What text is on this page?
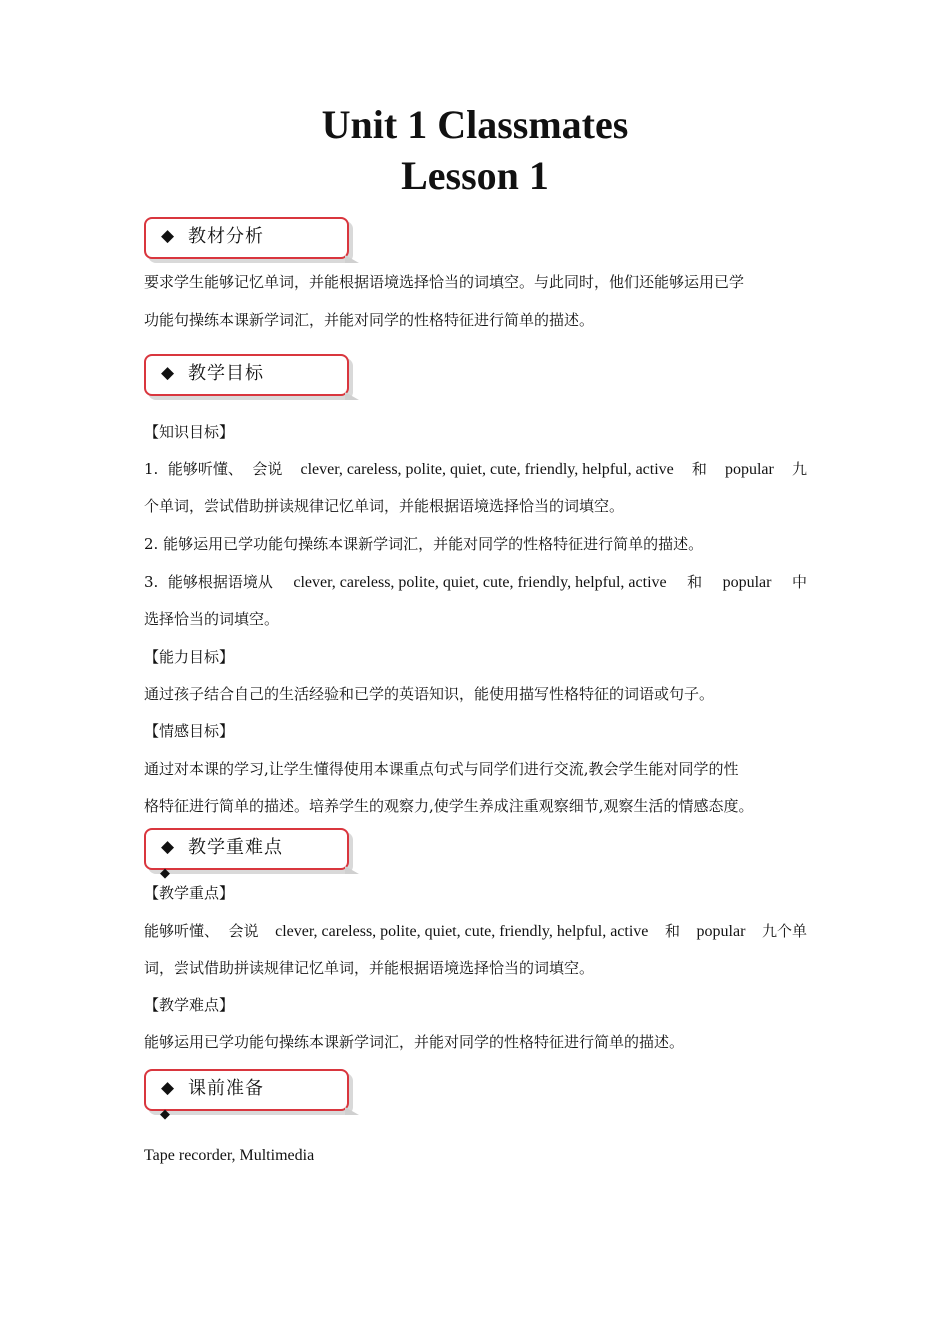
Unit 1 Classmates
Lesson 1
◆ 教材分析
要求学生能够记忆单词，并能根据语境选择恰当的词填空。与此同时，他们还能够运用已学
功能句操练本课新学词汇，并能对同学的性格特征进行简单的描述。
◆ 教学目标
【知识目标】
1.  能够听懂、  会说 clever, careless, polite, quiet, cute, friendly, helpful, active 和 popular 九
个单词，尝试借助拼读规律记忆单词，并能根据语境选择恰当的词填空。
2. 能够运用已学功能句操练本课新学词汇，并能对同学的性格特征进行简单的描述。
3.  能够根据语境从 clever, careless, polite, quiet, cute, friendly, helpful, active 和 popular 中
选择恰当的词填空。
【能力目标】
通过孩子结合自己的生活经验和已学的英语知识，能使用描写性格特征的词语或句子。
【情感目标】
通过对本课的学习,让学生懂得使用本课重点句式与同学们进行交流,教会学生能对同学的性
格特征进行简单的描述。培养学生的观察力,使学生养成注重观察细节,观察生活的情感态度。
◆ 教学重难点
◆
【教学重点】
能够听懂、  会说 clever, careless, polite, quiet, cute, friendly, helpful, active 和 popular 九个单
词，尝试借助拼读规律记忆单词，并能根据语境选择恰当的词填空。
【教学难点】
能够运用已学功能句操练本课新学词汇，并能对同学的性格特征进行简单的描述。
◆ 课前准备
◆
Tape recorder, Multimedia
